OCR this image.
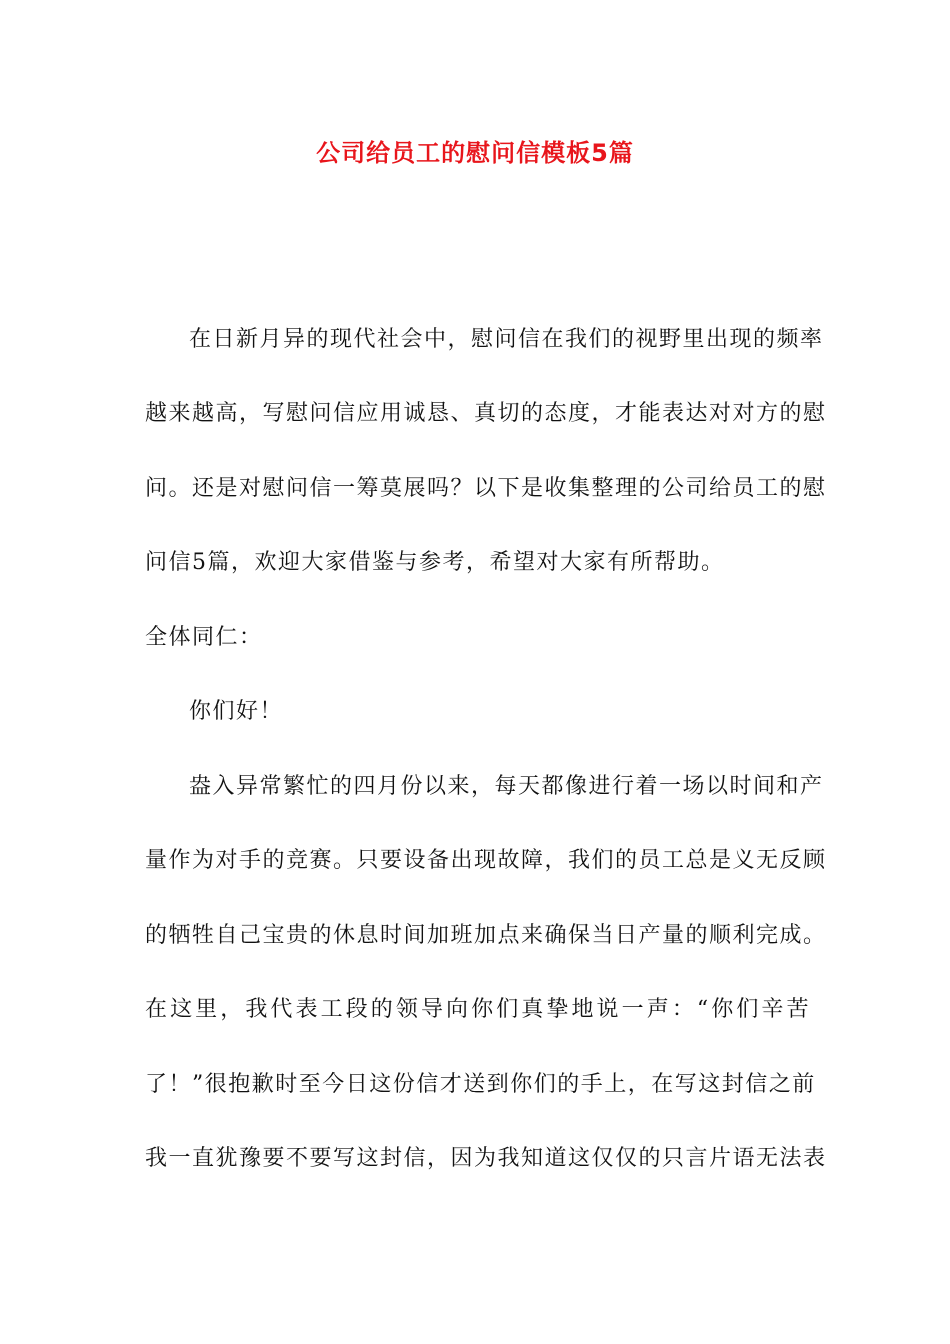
公司给员工的慰问信模板5篇
在日新月异的现代社会中，慰问信在我们的视野里出现的频率
越来越高，写慰问信应用诚恳、真切的态度，才能表达对对方的慰
问。还是对慰问信一筹莫展吗？以下是收集整理的公司给员工的慰
问信5篇，欢迎大家借鉴与参考，希望对大家有所帮助。
全体同仁：
你们好！
盎入异常繁忙的四月份以来，每天都像进行着一场以时间和产
量作为对手的竞赛。只要设备出现故障，我们的员工总是义无反顾
的牺牲自己宝贵的休息时间加班加点来确保当日产量的顺利完成。
在这里，我代表工段的领导向你们真挚地说一声：“你们辛苦
了！”很抱歉时至今日这份信才送到你们的手上，在写这封信之前
我一直犹豫要不要写这封信，因为我知道这仅仅的只言片语无法表
